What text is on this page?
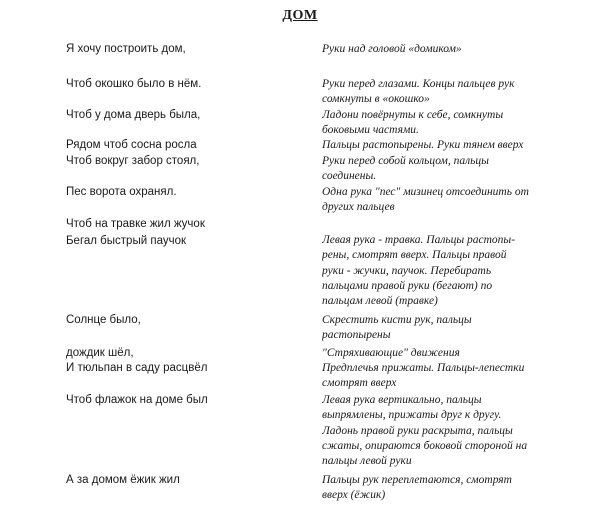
ДОМ
Я хочу построить дом,
Чтоб окошко было в нём.
Чтоб у дома дверь была,
Рядом чтоб сосна росла
Чтоб вокруг забор стоял,
Пес ворота охранял.
Чтоб на травке жил жучок
Бегал быстрый паучок
Солнце было,
дождик шёл,
И тюльпан в саду расцвёл
Чтоб флажок на доме был
А за домом ёжик жил
Руки над головой «домиком»
Руки перед глазами. Концы пальцев рук
сомкнуты в «окошко»
Ладони повёрнуты к себе, сомкнуты
боковыми частями.
Пальцы растопырены. Руки тянем вверх
Руки перед собой кольцом, пальцы
соединены.
Одна рука "пес" мизинец отсоединить от
других пальцев
Левая рука - травка. Пальцы растопы-
рены, смотрят вверх. Пальцы правой
руки - жучки, паучок. Перебирать
пальцами правой руки (бегают) по
пальцам левой (травке)
Скрестить кисти рук, пальцы
растопырены
"Стряхивающие" движения
Предплечья прижаты. Пальцы-лепестки
смотрят вверх
Левая рука вертикально, пальцы
выпрямлены, прижаты друг к другу.
Ладонь правой руки раскрыта, пальцы
сжаты, опираются боковой стороной на
пальцы левой руки
Пальцы рук переплетаются, смотрят
вверх (ёжик)
